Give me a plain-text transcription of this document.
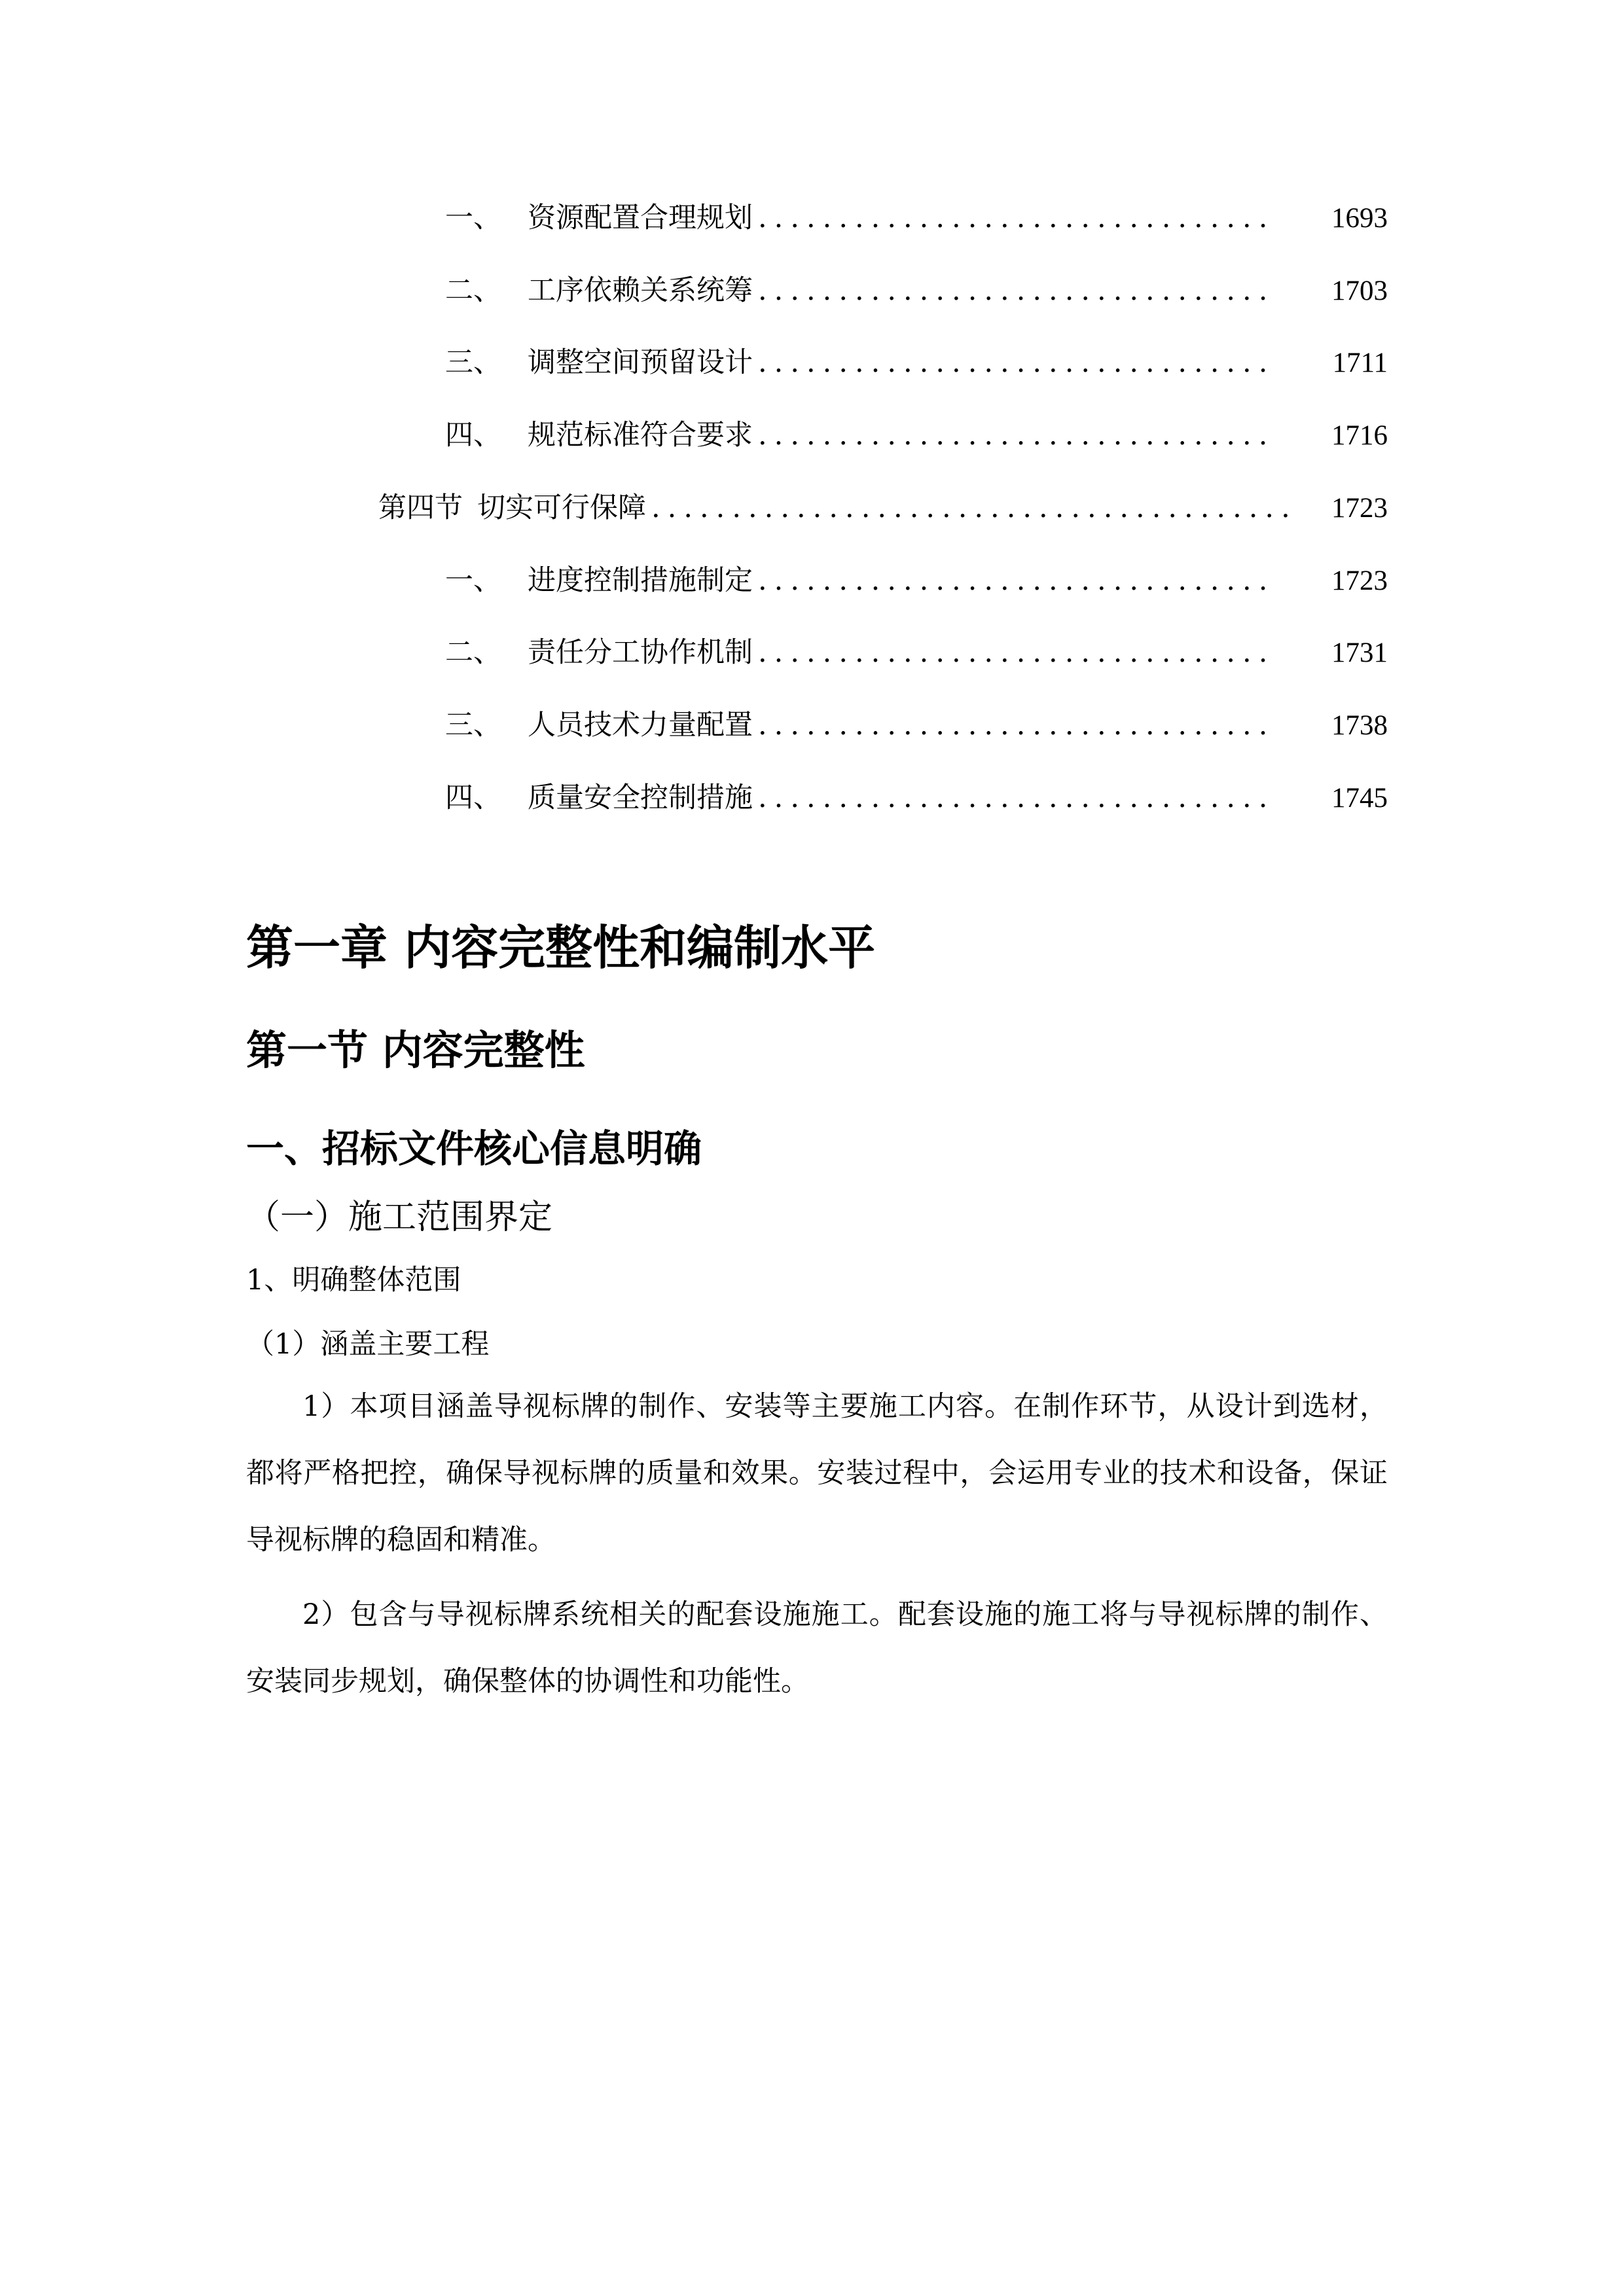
一、 资源配置合理规划 ................................	1693
二、 工序依赖关系统筹 ................................	1703
三、 调整空间预留设计 ................................	1711
四、 规范标准符合要求 ................................	1716
第四节 切实可行保障 ........................................	1723
一、 进度控制措施制定 ................................	1723
二、 责任分工协作机制 ................................	1731
三、 人员技术力量配置 ................................	1738
四、 质量安全控制措施 ................................	1745
第一章 内容完整性和编制水平
第一节 内容完整性
一、招标文件核心信息明确
（一）施工范围界定
1、明确整体范围
（1）涵盖主要工程

1）本项目涵盖导视标牌的制作、安装等主要施工内容。在制作环节，从设计到选材，都将严格把控，确保导视标牌的质量和效果。安装过程中，会运用专业的技术和设备，保证导视标牌的稳固和精准。

2）包含与导视标牌系统相关的配套设施施工。配套设施的施工将与导视标牌的制作、安装同步规划，确保整体的协调性和功能性。
